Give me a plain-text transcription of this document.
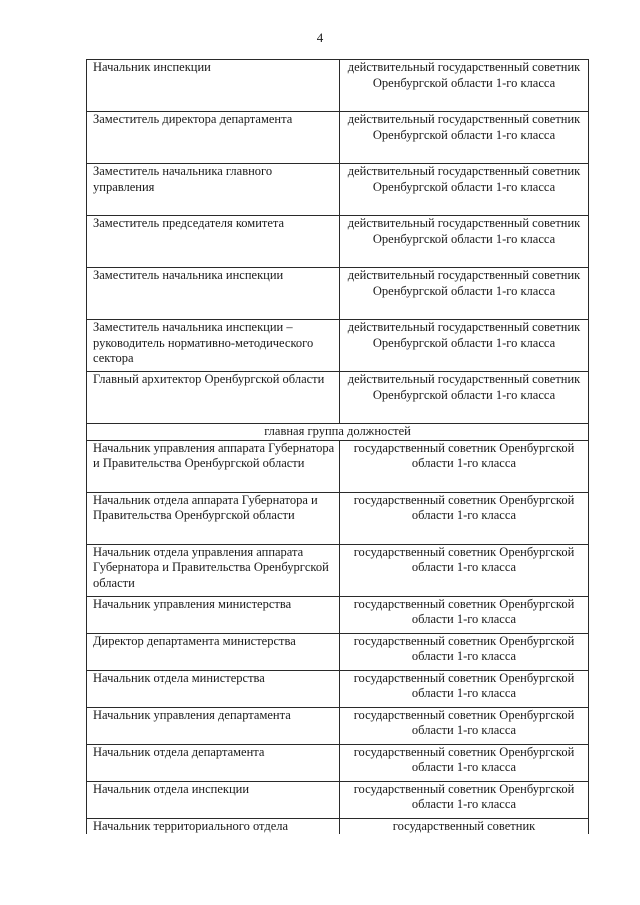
4
Начальник инспекции	действительный государственный советник Оренбургской области 1-го класса
Заместитель директора департамента	действительный государственный советник Оренбургской области 1-го класса
Заместитель начальника главного управления	действительный государственный советник Оренбургской области 1-го класса
Заместитель председателя комитета	действительный государственный советник Оренбургской области 1-го класса
Заместитель начальника инспекции	действительный государственный советник Оренбургской области 1-го класса
Заместитель начальника инспекции – руководитель нормативно-методического сектора	действительный государственный советник Оренбургской области 1-го класса
Главный архитектор Оренбургской области	действительный государственный советник Оренбургской области 1-го класса
главная группа должностей	
Начальник управления аппарата Губернатора и Правительства Оренбургской области	государственный советник Оренбургской области 1-го класса
Начальник отдела аппарата Губернатора и Правительства Оренбургской области	государственный советник Оренбургской области 1-го класса
Начальник отдела управления аппарата Губернатора и Правительства Оренбургской области	государственный советник Оренбургской области 1-го класса
Начальник управления министерства	государственный советник Оренбургской области 1-го класса
Директор департамента министерства	государственный советник Оренбургской области 1-го класса
Начальник отдела министерства	государственный советник Оренбургской области 1-го класса
Начальник управления департамента	государственный советник Оренбургской области 1-го класса
Начальник отдела департамента	государственный советник Оренбургской области 1-го класса
Начальник отдела инспекции	государственный советник Оренбургской области 1-го класса
Начальник территориального отдела	государственный советник
